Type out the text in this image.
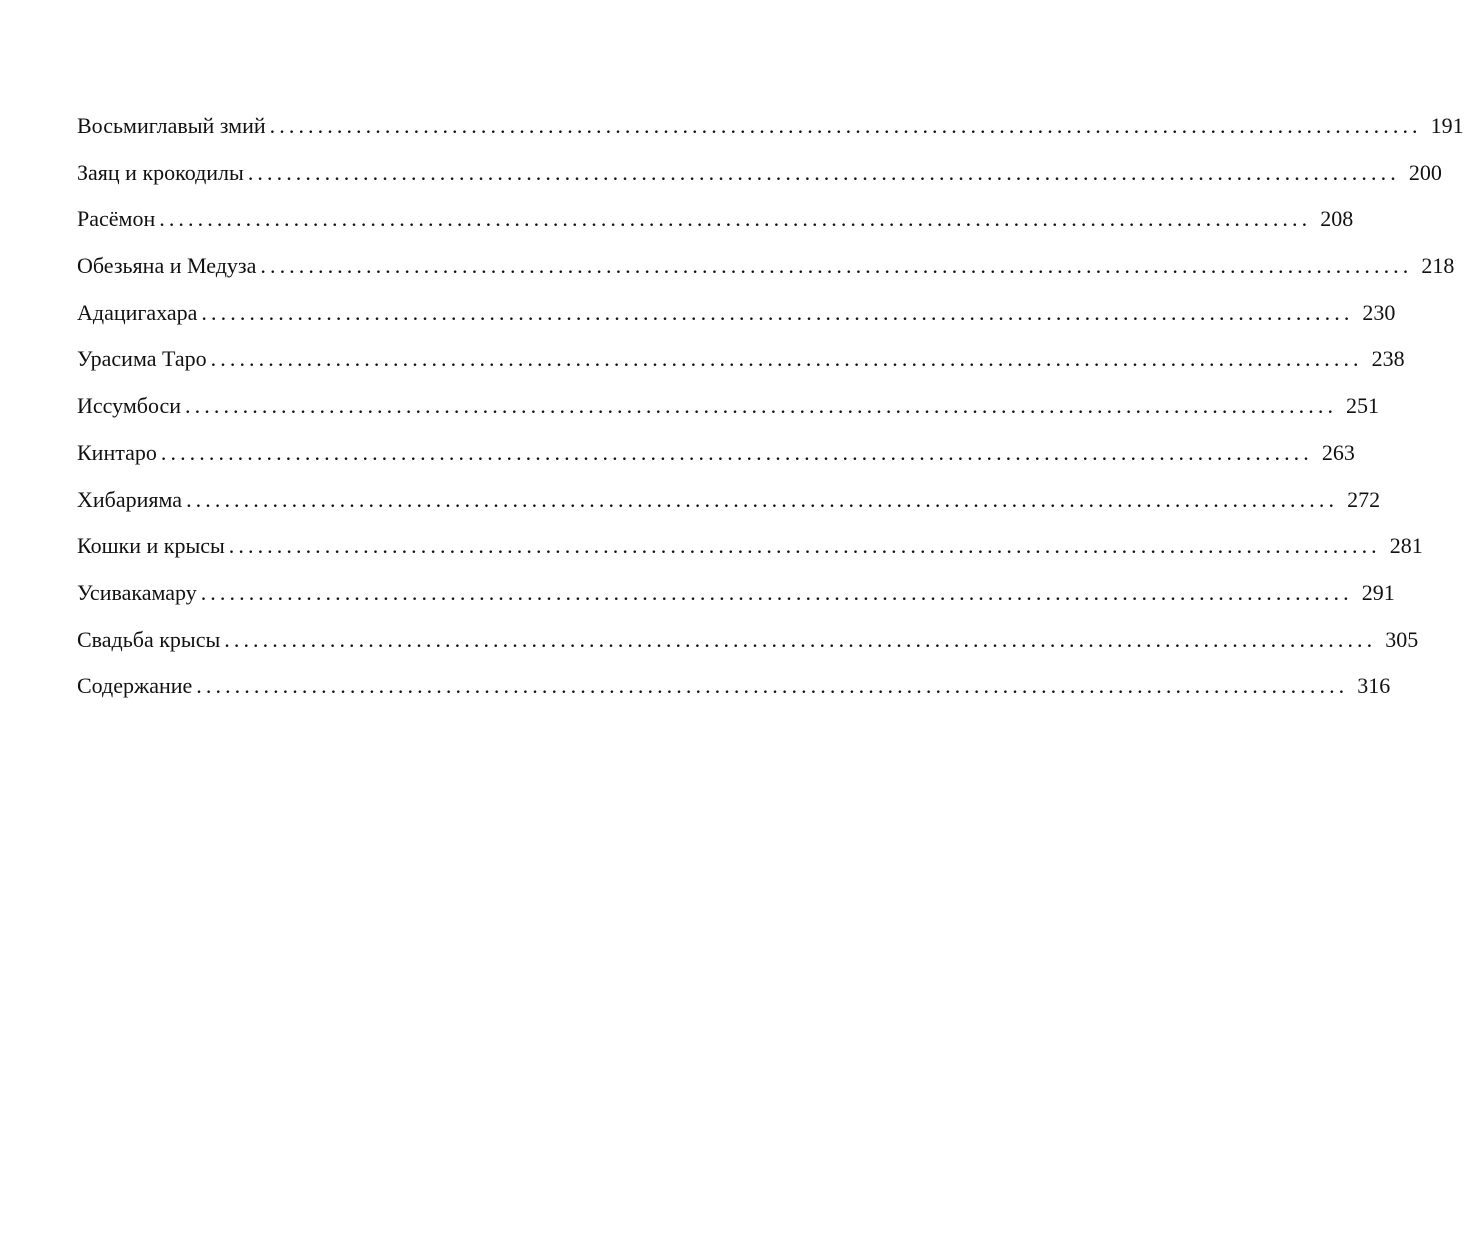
Восьмиглавый змий ........................................................................................................................ 191
Заяц и крокодилы ........................................................................................................................ 200
Расёмон ........................................................................................................................ 208
Обезьяна и Медуза ........................................................................................................................ 218
Адацигахара ........................................................................................................................ 230
Урасима Таро ........................................................................................................................ 238
Иссумбоси ........................................................................................................................ 251
Кинтаро ........................................................................................................................ 263
Хибарияма ........................................................................................................................ 272
Кошки и крысы ........................................................................................................................ 281
Усивакамару ........................................................................................................................ 291
Свадьба крысы ........................................................................................................................ 305
Содержание ........................................................................................................................ 316
